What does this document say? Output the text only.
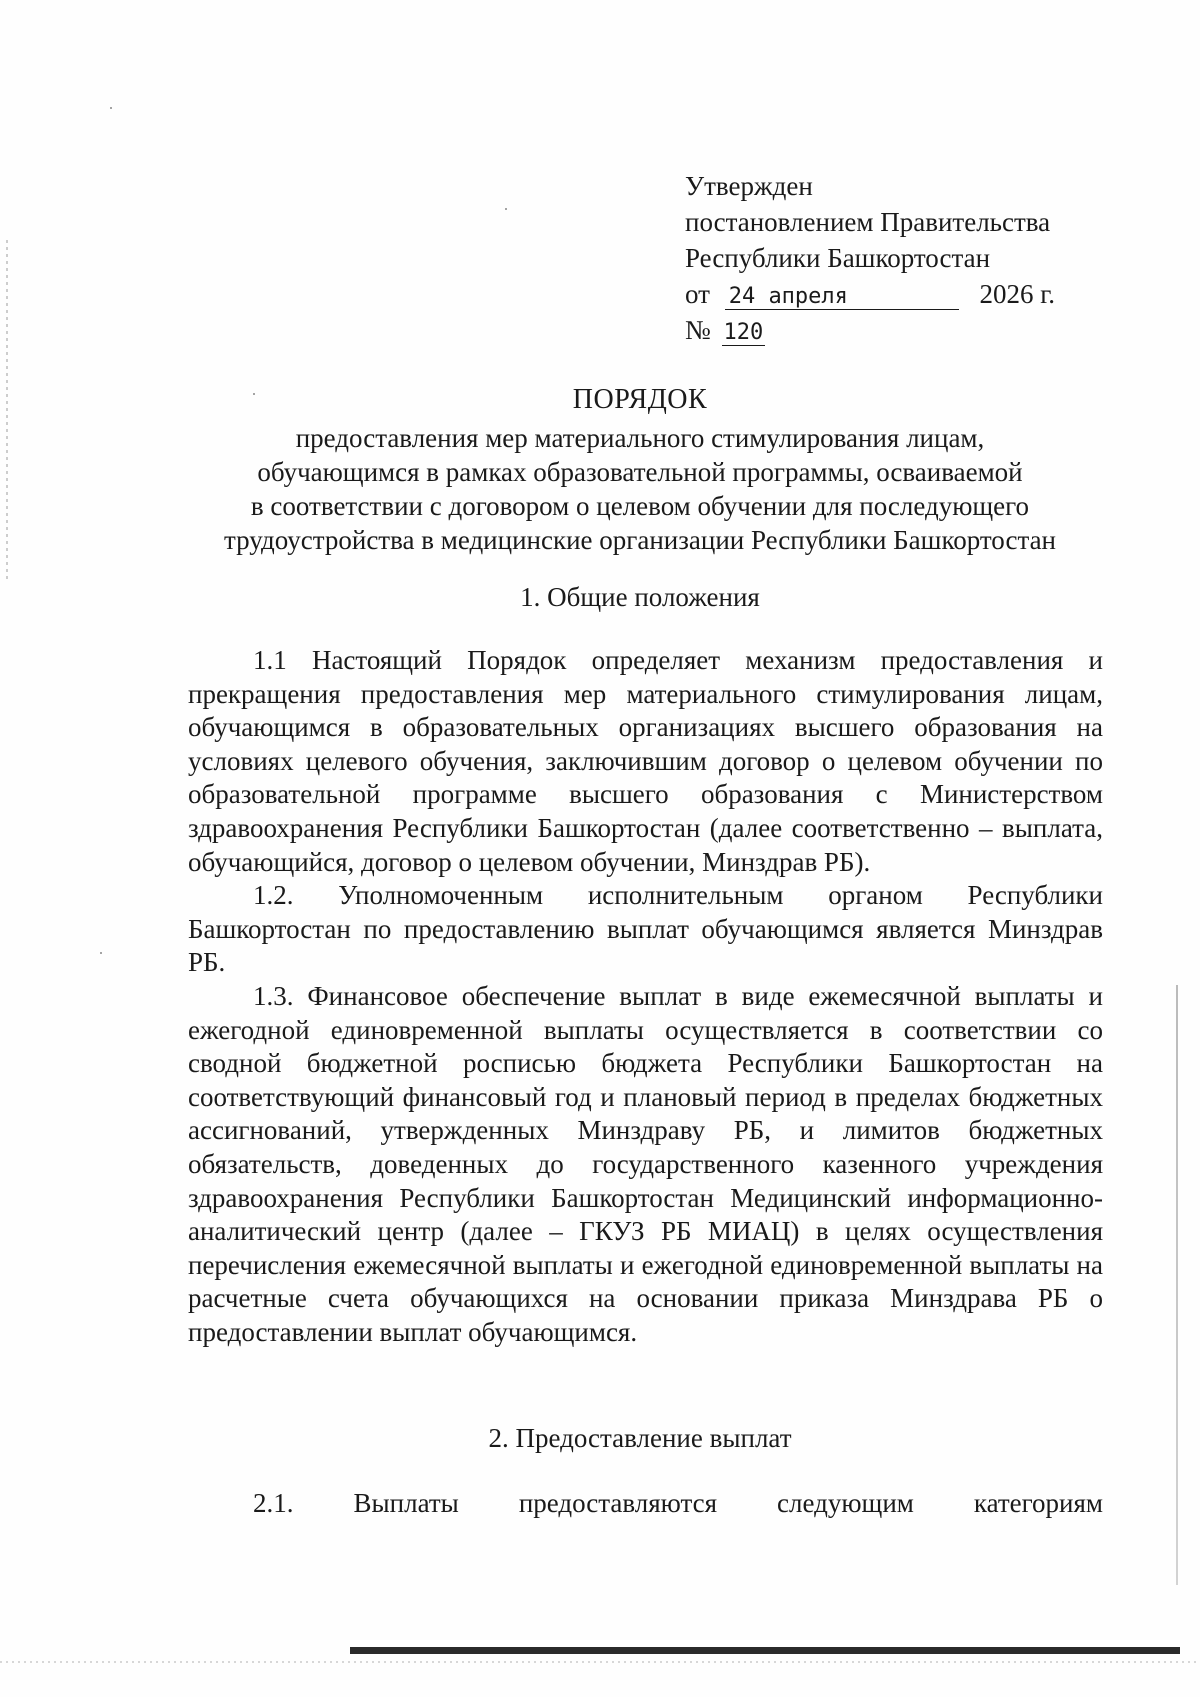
Утвержден
постановлением Правительства
Республики Башкортостан
от 24 апреля	2026 г.
№ 120
ПОРЯДОК
предоставления мер материального стимулирования лицам,
обучающимся в рамках образовательной программы, осваиваемой
в соответствии с договором о целевом обучении для последующего
трудоустройства в медицинские организации Республики Башкортостан
1. Общие положения

1.1 Настоящий Порядок определяет механизм предоставления и прекращения предоставления мер материального стимулирования лицам, обучающимся в образовательных организациях высшего образования на условиях целевого обучения, заключившим договор о целевом обучении по образовательной программе высшего образования с Министерством здравоохранения Республики Башкортостан (далее соответственно – выплата, обучающийся, договор о целевом обучении, Минздрав РБ).

1.2. Уполномоченным исполнительным органом Республики Башкортостан по предоставлению выплат обучающимся является Минздрав РБ.

1.3. Финансовое обеспечение выплат в виде ежемесячной выплаты и ежегодной единовременной выплаты осуществляется в соответствии со сводной бюджетной росписью бюджета Республики Башкортостан на соответствующий финансовый год и плановый период в пределах бюджетных ассигнований, утвержденных Минздраву РБ, и лимитов бюджетных обязательств, доведенных до государственного казенного учреждения здравоохранения Республики Башкортостан Медицинский информационно-аналитический центр (далее – ГКУЗ РБ МИАЦ) в целях осуществления перечисления ежемесячной выплаты и ежегодной единовременной выплаты на расчетные счета обучающихся на основании приказа Минздрава РБ о предоставлении выплат обучающимся.

2. Предоставление выплат

2.1. Выплаты предоставляются следующим категориям
